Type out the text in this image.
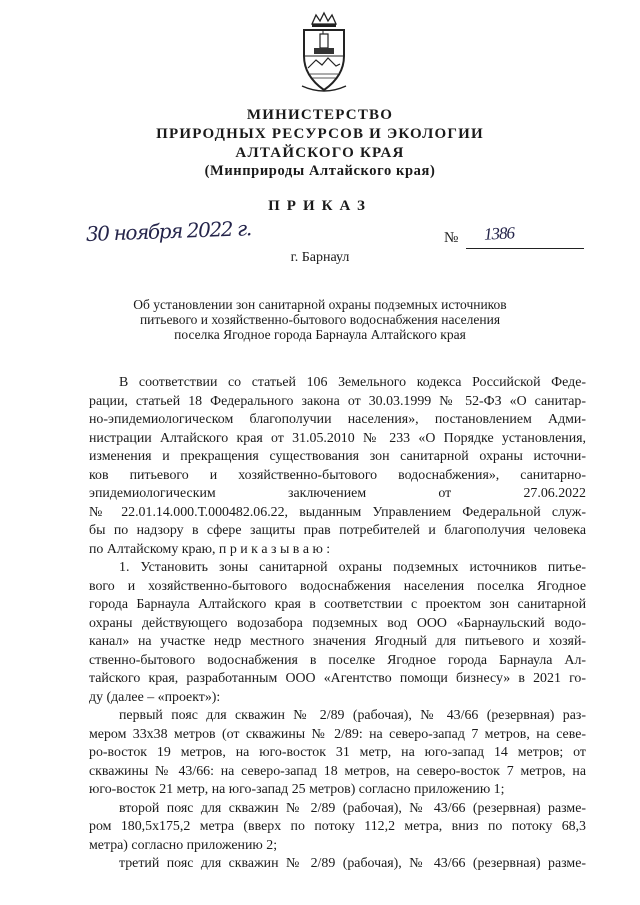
МИНИСТЕРСТВО
ПРИРОДНЫХ РЕСУРСОВ И ЭКОЛОГИИ
АЛТАЙСКОГО КРАЯ
(Минприроды Алтайского края)
ПРИКАЗ
30 ноября 2022 г.	№ 1386
г. Барнаул
Об установлении зон санитарной охраны подземных источников
питьевого и хозяйственно-бытового водоснабжения населения
поселка Ягодное города Барнаула Алтайского края
В соответствии со статьей 106 Земельного кодекса Российской Феде-
рации, статьей 18 Федерального закона от 30.03.1999 № 52-ФЗ «О санитар-
но-эпидемиологическом благополучии населения», постановлением Адми-
нистрации Алтайского края от 31.05.2010 № 233 «О Порядке установления,
изменения и прекращения существования зон санитарной охраны источни-
ков питьевого и хозяйственно-бытового водоснабжения», санитарно-
эпидемиологическим заключением от 27.06.2022
№ 22.01.14.000.Т.000482.06.22, выданным Управлением Федеральной служ-
бы по надзору в сфере защиты прав потребителей и благополучия человека
по Алтайскому краю, п р и к а з ы в а ю :
1. Установить зоны санитарной охраны подземных источников питье-
вого и хозяйственно-бытового водоснабжения населения поселка Ягодное
города Барнаула Алтайского края в соответствии с проектом зон санитарной
охраны действующего водозабора подземных вод ООО «Барнаульский водо-
канал» на участке недр местного значения Ягодный для питьевого и хозяй-
ственно-бытового водоснабжения в поселке Ягодное города Барнаула Ал-
тайского края, разработанным ООО «Агентство помощи бизнесу» в 2021 го-
ду (далее – «проект»):
первый пояс для скважин № 2/89 (рабочая), № 43/66 (резервная) раз-
мером 33х38 метров (от скважины № 2/89: на северо-запад 7 метров, на севе-
ро-восток 19 метров, на юго-восток 31 метр, на юго-запад 14 метров; от
скважины № 43/66: на северо-запад 18 метров, на северо-восток 7 метров, на
юго-восток 21 метр, на юго-запад 25 метров) согласно приложению 1;
второй пояс для скважин № 2/89 (рабочая), № 43/66 (резервная) разме-
ром 180,5х175,2 метра (вверх по потоку 112,2 метра, вниз по потоку 68,3
метра) согласно приложению 2;
третий пояс для скважин № 2/89 (рабочая), № 43/66 (резервная) разме-
